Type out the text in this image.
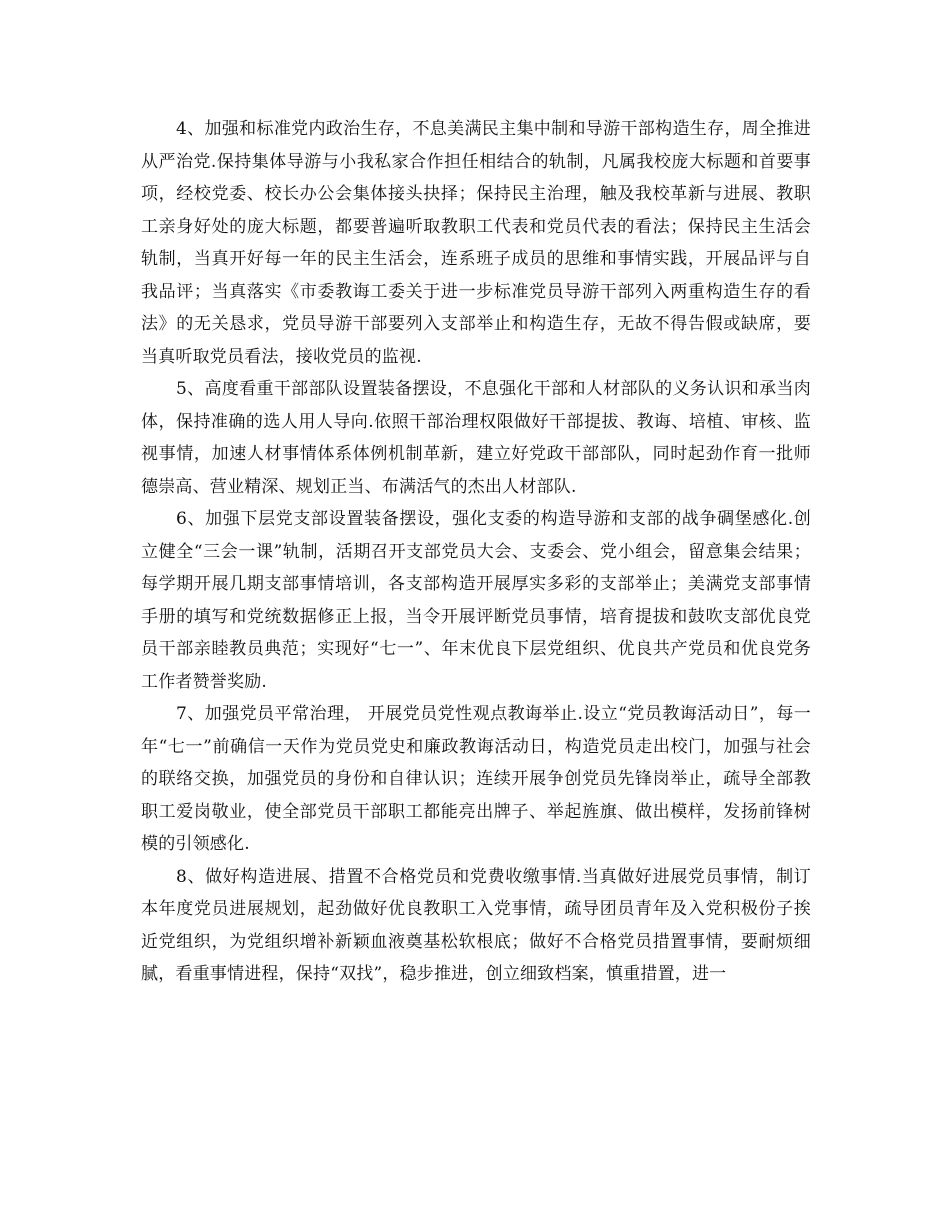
4、加强和标准党内政治生存，不息美满民主集中制和导游干部构造生存，周全推进从严治党.保持集体导游与小我私家合作担任相结合的轨制，凡属我校庞大标题和首要事项，经校党委、校长办公会集体接头抉择；保持民主治理，触及我校革新与进展、教职工亲身好处的庞大标题，都要普遍听取教职工代表和党员代表的看法；保持民主生活会轨制，当真开好每一年的民主生活会，连系班子成员的思维和事情实践，开展品评与自我品评；当真落实《市委教诲工委关于进一步标准党员导游干部列入两重构造生存的看法》的无关恳求，党员导游干部要列入支部举止和构造生存，无故不得告假或缺席，要当真听取党员看法，接收党员的监视.

5、高度看重干部部队设置装备摆设，不息强化干部和人材部队的义务认识和承当肉体，保持准确的选人用人导向.依照干部治理权限做好干部提拔、教诲、培植、审核、监视事情，加速人材事情体系体例机制革新，建立好党政干部部队，同时起劲作育一批师德崇高、营业精深、规划正当、布满活气的杰出人材部队.

6、加强下层党支部设置装备摆设，强化支委的构造导游和支部的战争碉堡感化.创立健全“三会一课”轨制，活期召开支部党员大会、支委会、党小组会，留意集会结果；每学期开展几期支部事情培训，各支部构造开展厚实多彩的支部举止；美满党支部事情手册的填写和党统数据修正上报，当令开展评断党员事情，培育提拔和鼓吹支部优良党员干部亲睦教员典范；实现好“七一”、年末优良下层党组织、优良共产党员和优良党务工作者赞誉奖励.

7、加强党员平常治理， 开展党员党性观点教诲举止.设立“党员教诲活动日”，每一年“七一”前确信一天作为党员党史和廉政教诲活动日，构造党员走出校门，加强与社会的联络交换，加强党员的身份和自律认识；连续开展争创党员先锋岗举止，疏导全部教职工爱岗敬业，使全部党员干部职工都能亮出牌子、举起旌旗、做出模样，发扬前锋树模的引领感化.

8、做好构造进展、措置不合格党员和党费收缴事情.当真做好进展党员事情，制订本年度党员进展规划，起劲做好优良教职工入党事情，疏导团员青年及入党积极份子挨近党组织，为党组织增补新颖血液奠基松软根底；做好不合格党员措置事情，要耐烦细腻，看重事情进程，保持“双找”，稳步推进，创立细致档案，慎重措置，进一
